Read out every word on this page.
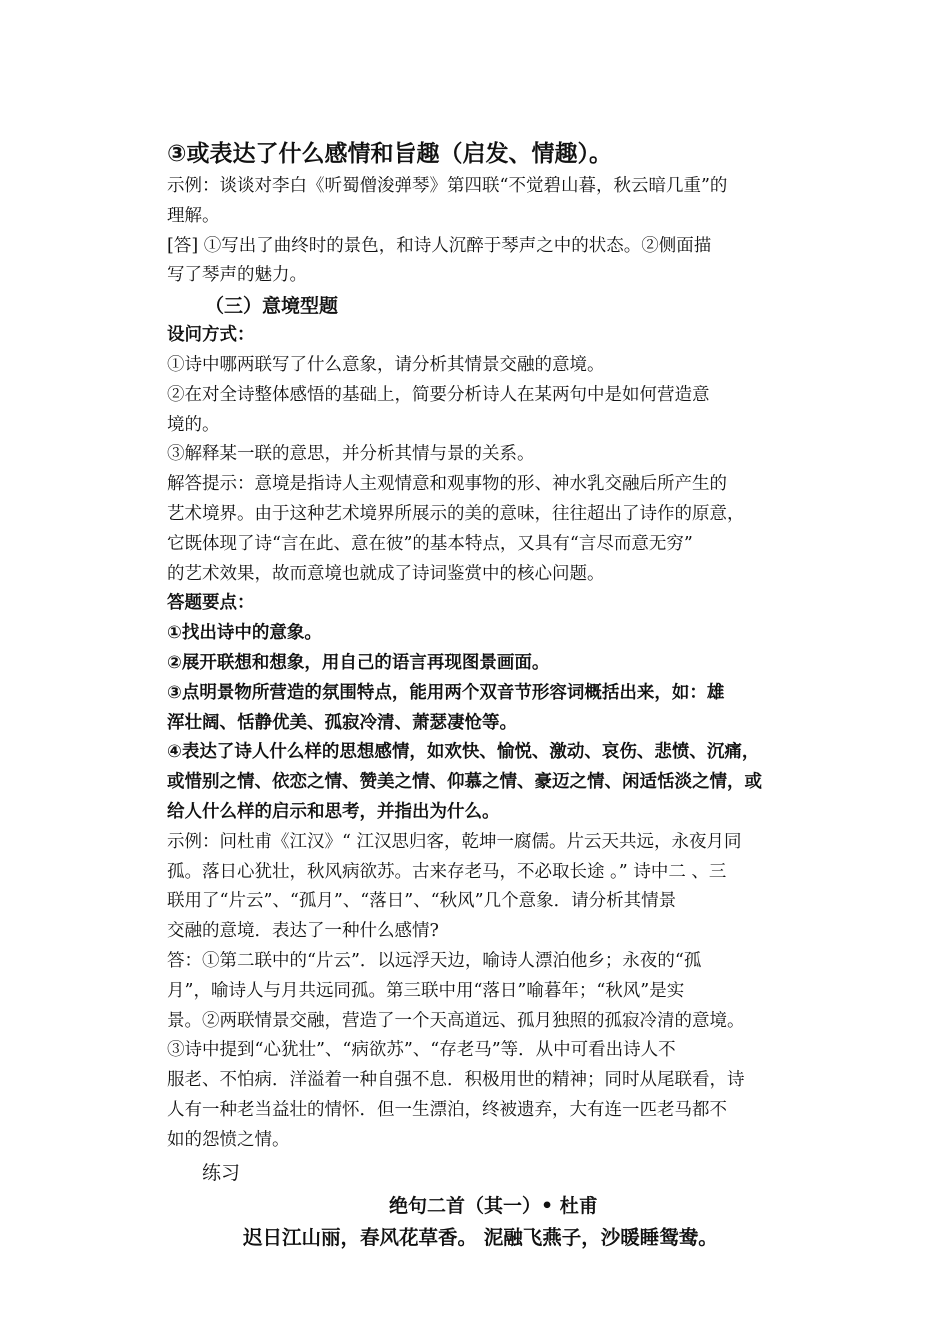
③或表达了什么感情和旨趣（启发、情趣）。

示例：谈谈对李白《听蜀僧浚弹琴》第四联“不觉碧山暮，秋云暗几重”的

理解。

[答] ①写出了曲终时的景色，和诗人沉醉于琴声之中的状态。②侧面描

写了琴声的魅力。

（三）意境型题

设问方式：

①诗中哪两联写了什么意象，请分析其情景交融的意境。

②在对全诗整体感悟的基础上，简要分析诗人在某两句中是如何营造意

境的。

③解释某一联的意思，并分析其情与景的关系。

解答提示：意境是指诗人主观情意和观事物的形、神水乳交融后所产生的

艺术境界。由于这种艺术境界所展示的美的意味，往往超出了诗作的原意，

它既体现了诗“言在此、意在彼”的基本特点，又具有“言尽而意无穷”

的艺术效果，故而意境也就成了诗词鉴赏中的核心问题。

答题要点：

①找出诗中的意象。

②展开联想和想象，用自己的语言再现图景画面。

③点明景物所营造的氛围特点，能用两个双音节形容词概括出来，如：雄

浑壮阔、恬静优美、孤寂冷清、萧瑟凄怆等。

④表达了诗人什么样的思想感情，如欢快、愉悦、激动、哀伤、悲愤、沉痛，

或惜别之情、依恋之情、赞美之情、仰慕之情、豪迈之情、闲适恬淡之情，或

给人什么样的启示和思考，并指出为什么。

示例：问杜甫《江汉》“ 江汉思归客，乾坤一腐儒。片云天共远，永夜月同

孤。落日心犹壮，秋风病欲苏。古来存老马，不必取长途 。” 诗中二 、三

联用了“片云”、“孤月”、“落日”、“秋风”几个意象．请分析其情景

交融的意境．表达了一种什么感情?

答：①第二联中的“片云”．以远浮天边，喻诗人漂泊他乡；永夜的“孤

月”，喻诗人与月共远同孤。第三联中用“落日”喻暮年；“秋风”是实

景。②两联情景交融，营造了一个天高道远、孤月独照的孤寂冷清的意境。

③诗中提到“心犹壮”、“病欲苏”、“存老马”等．从中可看出诗人不

服老、不怕病．洋溢着一种自强不息．积极用世的精神；同时从尾联看，诗

人有一种老当益壮的情怀．但一生漂泊，终被遗弃，大有连一匹老马都不

如的怨愤之情。

练习

绝句二首（其一）• 杜甫

迟日江山丽，春风花草香。 泥融飞燕子，沙暖睡鸳鸯。
